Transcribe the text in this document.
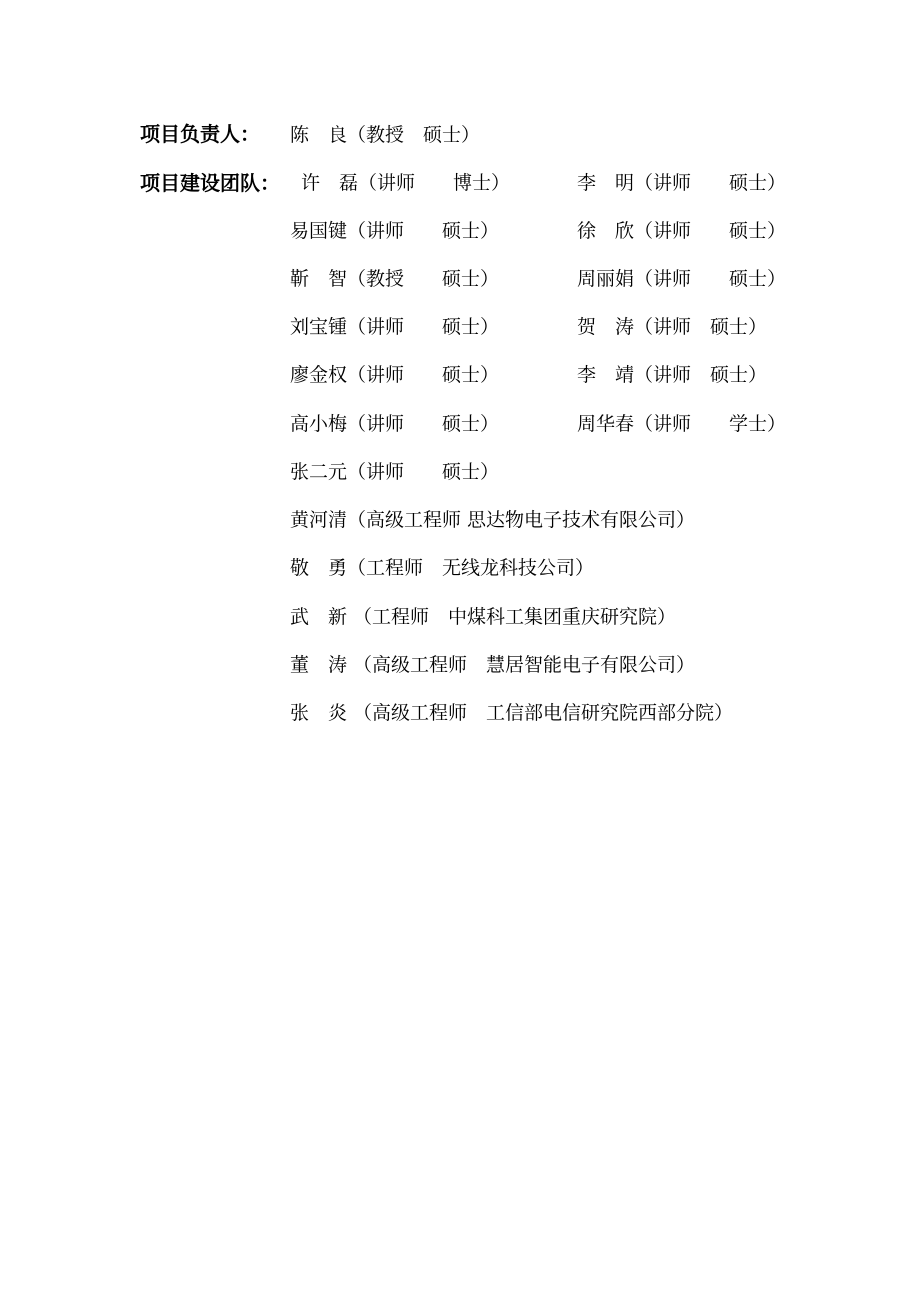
项目负责人： 陈　良（教授　硕士）
项目建设团队： 许　磊（讲师　　博士）	李　明（讲师　　硕士）
易国键（讲师　　硕士）	徐　欣（讲师　　硕士）
靳　智（教授　　硕士）	周丽娟（讲师　　硕士）
刘宝锺（讲师　　硕士）	贺　涛（讲师　硕士）
廖金权（讲师　　硕士）	李　靖（讲师　硕士）
高小梅（讲师　　硕士）	周华春（讲师　　学士）
张二元（讲师　　硕士）
黄河清（高级工程师 思达物电子技术有限公司）
敬　勇（工程师　无线龙科技公司）
武　新 （工程师　中煤科工集团重庆研究院）
董　涛 （高级工程师　慧居智能电子有限公司）
张　炎 （高级工程师　工信部电信研究院西部分院）
